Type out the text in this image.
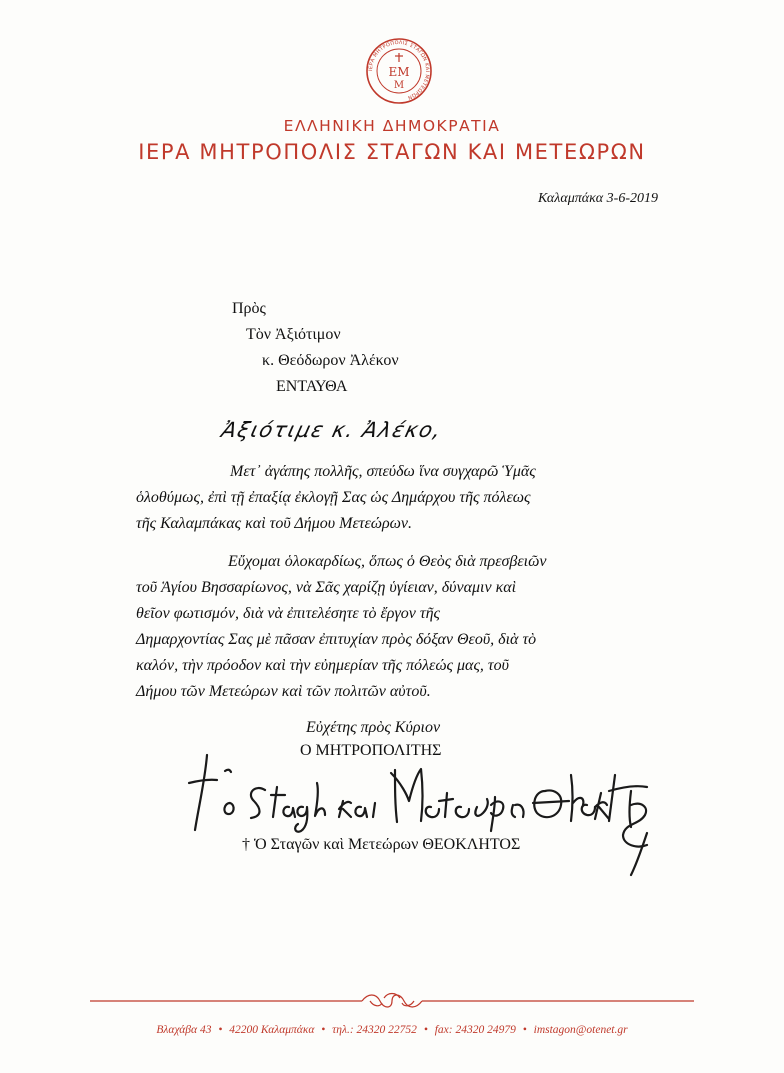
ΙΕΡΑ ΜΗΤΡΟΠΟΛΙΣ ΣΤΑΓΩΝ ΚΑΙ ΜΕΤΕΩΡΩΝ
ΕΜ
Μ
ΕΛΛΗΝΙΚΗ ΔΗΜΟΚΡΑΤΙΑ
ΙΕΡΑ ΜΗΤΡΟΠΟΛΙΣ ΣΤΑΓΩΝ ΚΑΙ ΜΕΤΕΩΡΩΝ
Καλαμπάκα 3-6-2019
Πρὸς
Τὸν Ἀξιότιμον
κ. Θεόδωρον Ἀλέκον
ΕΝΤΑΥΘΑ
Ἀξιότιμε κ. Ἀλέκο,
Μετ᾽ ἀγάπης πολλῆς, σπεύδω ἵνα συγχαρῶ Ὑμᾶς
ὁλοθύμως, ἐπὶ τῇ ἐπαξίᾳ ἐκλογῇ Σας ὡς Δημάρχου τῆς πόλεως
τῆς Καλαμπάκας καὶ τοῦ Δήμου Μετεώρων.
Εὔχομαι ὁλοκαρδίως, ὅπως ὁ Θεὸς διὰ πρεσβειῶν
τοῦ Ἁγίου Βησσαρίωνος, νὰ Σᾶς χαρίζῃ ὑγίειαν, δύναμιν καὶ
θεῖον φωτισμόν, διὰ νὰ ἐπιτελέσητε τὸ ἔργον τῆς
Δημαρχοντίας Σας μὲ πᾶσαν ἐπιτυχίαν πρὸς δόξαν Θεοῦ, διὰ τὸ
καλόν, τὴν πρόοδον καὶ τὴν εὐημερίαν τῆς πόλεώς μας, τοῦ
Δήμου τῶν Μετεώρων καὶ τῶν πολιτῶν αὐτοῦ.
Εὐχέτης πρὸς Κύριον
Ο ΜΗΤΡΟΠΟΛΙΤΗΣ
† Ὁ Σταγῶν καὶ Μετεώρων ΘΕΟΚΛΗΤΟΣ
Βλαχάβα 43 • 42200 Καλαμπάκα • τηλ.: 24320 22752 • fax: 24320 24979 • imstagon@otenet.gr
